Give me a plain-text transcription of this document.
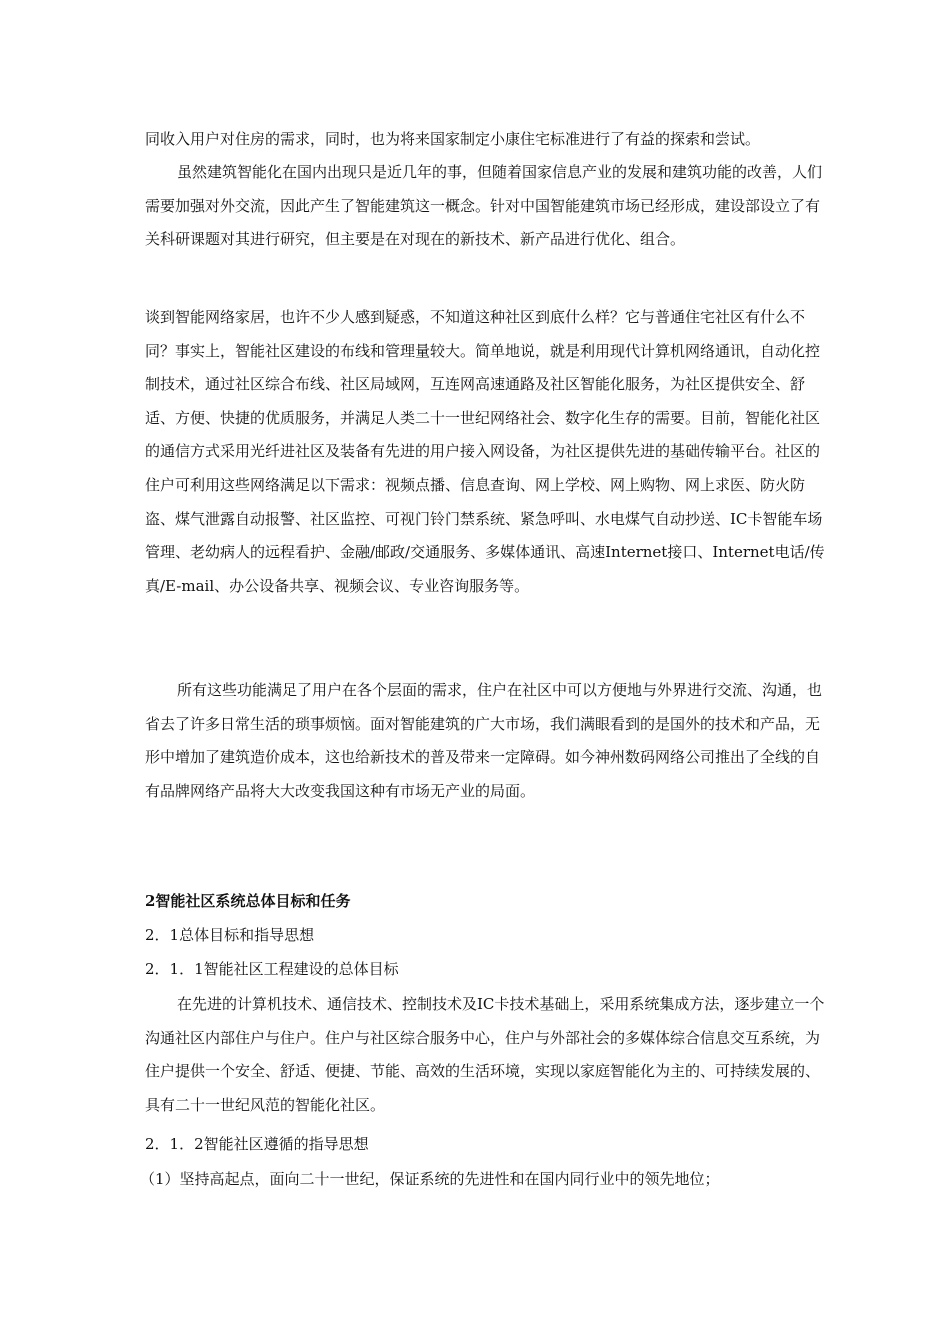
同收入用户对住房的需求，同时，也为将来国家制定小康住宅标准进行了有益的探索和尝试。
虽然建筑智能化在国内出现只是近几年的事，但随着国家信息产业的发展和建筑功能的改善，人们需要加强对外交流，因此产生了智能建筑这一概念。针对中国智能建筑市场已经形成，建设部设立了有关科研课题对其进行研究，但主要是在对现在的新技术、新产品进行优化、组合。
谈到智能网络家居，也许不少人感到疑惑，不知道这种社区到底什么样？它与普通住宅社区有什么不同？事实上，智能社区建设的布线和管理量较大。简单地说，就是利用现代计算机网络通讯，自动化控制技术，通过社区综合布线、社区局域网，互连网高速通路及社区智能化服务，为社区提供安全、舒适、方便、快捷的优质服务，并满足人类二十一世纪网络社会、数字化生存的需要。目前，智能化社区的通信方式采用光纤进社区及装备有先进的用户接入网设备，为社区提供先进的基础传输平台。社区的住户可利用这些网络满足以下需求：视频点播、信息查询、网上学校、网上购物、网上求医、防火防盗、煤气泄露自动报警、社区监控、可视门铃门禁系统、紧急呼叫、水电煤气自动抄送、IC卡智能车场管理、老幼病人的远程看护、金融/邮政/交通服务、多媒体通讯、高速Internet接口、Internet电话/传真/E-mail、办公设备共享、视频会议、专业咨询服务等。
所有这些功能满足了用户在各个层面的需求，住户在社区中可以方便地与外界进行交流、沟通，也省去了许多日常生活的琐事烦恼。面对智能建筑的广大市场，我们满眼看到的是国外的技术和产品，无形中增加了建筑造价成本，这也给新技术的普及带来一定障碍。如今神州数码网络公司推出了全线的自有品牌网络产品将大大改变我国这种有市场无产业的局面。
2智能社区系统总体目标和任务
2．1总体目标和指导思想
2．1．1智能社区工程建设的总体目标
在先进的计算机技术、通信技术、控制技术及IC卡技术基础上，采用系统集成方法，逐步建立一个沟通社区内部住户与住户。住户与社区综合服务中心，住户与外部社会的多媒体综合信息交互系统，为住户提供一个安全、舒适、便捷、节能、高效的生活环境，实现以家庭智能化为主的、可持续发展的、具有二十一世纪风范的智能化社区。
2．1．2智能社区遵循的指导思想
（1）坚持高起点，面向二十一世纪，保证系统的先进性和在国内同行业中的领先地位；
